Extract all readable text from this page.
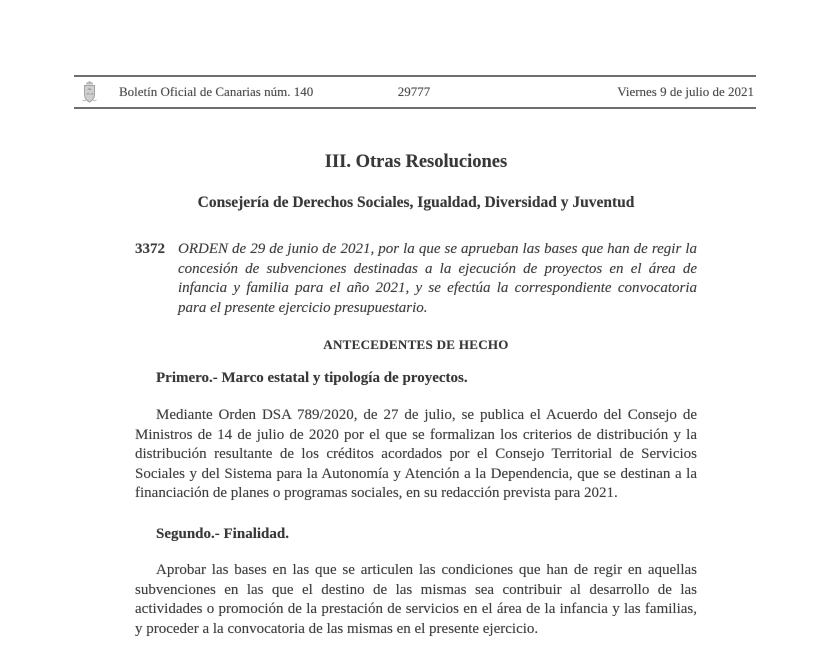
Boletín Oficial de Canarias núm. 140	29777	Viernes 9 de julio de 2021
III. Otras Resoluciones
Consejería de Derechos Sociales, Igualdad, Diversidad y Juventud
3372 ORDEN de 29 de junio de 2021, por la que se aprueban las bases que han de regir la concesión de subvenciones destinadas a la ejecución de proyectos en el área de infancia y familia para el año 2021, y se efectúa la correspondiente convocatoria para el presente ejercicio presupuestario.
ANTECEDENTES DE HECHO
Primero.- Marco estatal y tipología de proyectos.
Mediante Orden DSA 789/2020, de 27 de julio, se publica el Acuerdo del Consejo de Ministros de 14 de julio de 2020 por el que se formalizan los criterios de distribución y la distribución resultante de los créditos acordados por el Consejo Territorial de Servicios Sociales y del Sistema para la Autonomía y Atención a la Dependencia, que se destinan a la financiación de planes o programas sociales, en su redacción prevista para 2021.
Segundo.- Finalidad.
Aprobar las bases en las que se articulen las condiciones que han de regir en aquellas subvenciones en las que el destino de las mismas sea contribuir al desarrollo de las actividades o promoción de la prestación de servicios en el área de la infancia y las familias, y proceder a la convocatoria de las mismas en el presente ejercicio.
